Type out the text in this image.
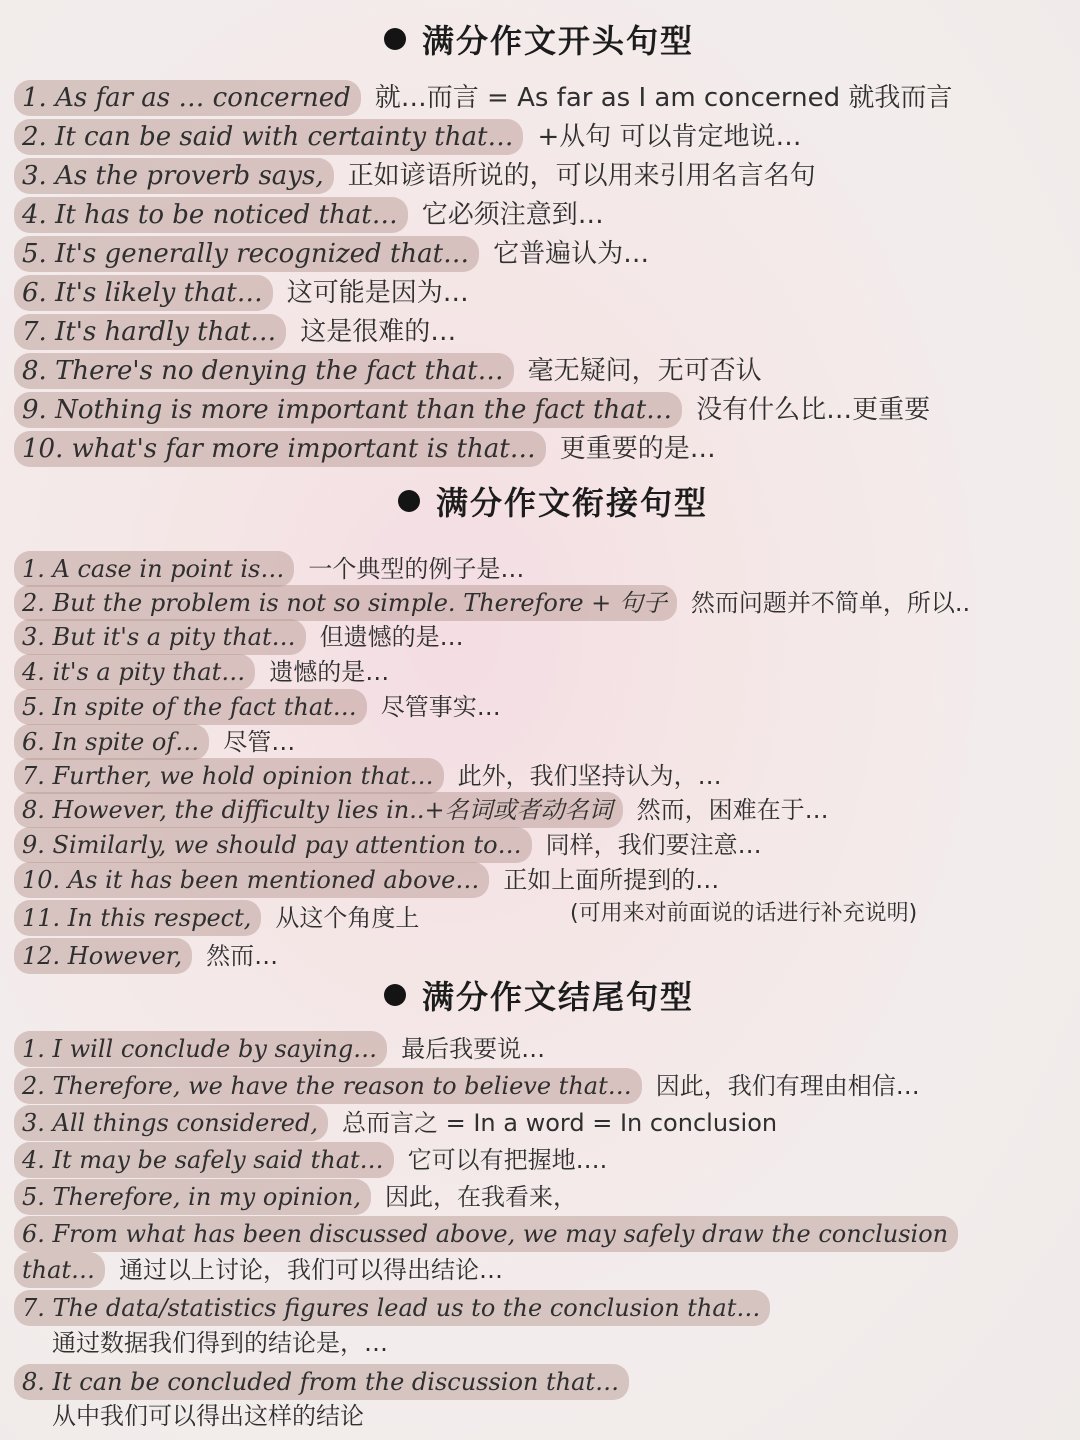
满分作文开头句型
1. As far as … concerned 就…而言 = As far as I am concerned 就我而言
2. It can be said with certainty that… +从句 可以肯定地说…
3. As the proverb says, 正如谚语所说的，可以用来引用名言名句
4. It has to be noticed that… 它必须注意到…
5. It's generally recognized that… 它普遍认为…
6. It's likely that… 这可能是因为…
7. It's hardly that… 这是很难的…
8. There's no denying the fact that… 毫无疑问，无可否认
9. Nothing is more important than the fact that… 没有什么比…更重要
10. what's far more important is that… 更重要的是…
满分作文衔接句型
1. A case in point is…	一个典型的例子是…
2. But the problem is not so simple. Therefore + 句子	然而问题并不简单，所以..
3. But it's a pity that…	但遗憾的是…
4. it's a pity that…	遗憾的是…
5. In spite of the fact that…	尽管事实…
6. In spite of…	尽管…
7. Further, we hold opinion that…	此外，我们坚持认为，…
8. However, the difficulty lies in..+名词或者动名词	然而，困难在于…
9. Similarly, we should pay attention to…	同样，我们要注意…
10. As it has been mentioned above…	正如上面所提到的…
11. In this respect,	从这个角度上
12. However,	然而…
(可用来对前面说的话进行补充说明)
满分作文结尾句型
1. I will conclude by saying…	最后我要说…
2. Therefore, we have the reason to believe that…	因此，我们有理由相信…
3. All things considered,	总而言之 = In a word = In conclusion
4. It may be safely said that…	它可以有把握地….
5. Therefore, in my opinion,	因此，在我看来，
6. From what has been discussed above, we may safely draw the conclusion
that…	通过以上讨论，我们可以得出结论…
7. The data/statistics figures lead us to the conclusion that…
通过数据我们得到的结论是，…
8. It can be concluded from the discussion that…
从中我们可以得出这样的结论
